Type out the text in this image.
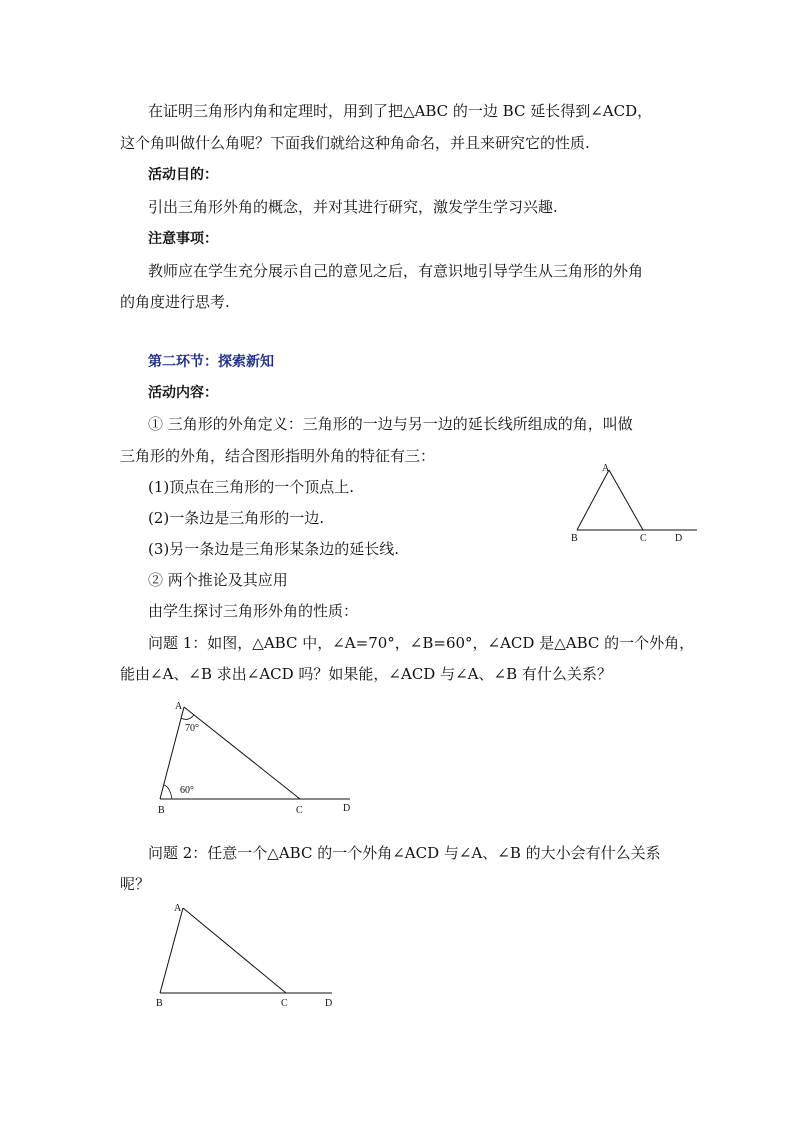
在证明三角形内角和定理时，用到了把△ABC 的一边 BC 延长得到∠ACD，
这个角叫做什么角呢？下面我们就给这种角命名，并且来研究它的性质.
活动目的：
引出三角形外角的概念，并对其进行研究，激发学生学习兴趣.
注意事项：
教师应在学生充分展示自己的意见之后，有意识地引导学生从三角形的外角
的角度进行思考.
第二环节：探索新知
活动内容：
① 三角形的外角定义：三角形的一边与另一边的延长线所组成的角，叫做
三角形的外角，结合图形指明外角的特征有三：
(1)顶点在三角形的一个顶点上.
(2)一条边是三角形的一边.
(3)另一条边是三角形某条边的延长线.
② 两个推论及其应用
由学生探讨三角形外角的性质：
问题 1：如图，△ABC 中，∠A=70°，∠B=60°，∠ACD 是△ABC 的一个外角，
能由∠A、∠B 求出∠ACD 吗？如果能，∠ACD 与∠A、∠B 有什么关系？
问题 2：任意一个△ABC 的一个外角∠ACD 与∠A、∠B 的大小会有什么关系
呢？
A
B	C	D
A
70°
60°
B	C	D
A
B	C	D
